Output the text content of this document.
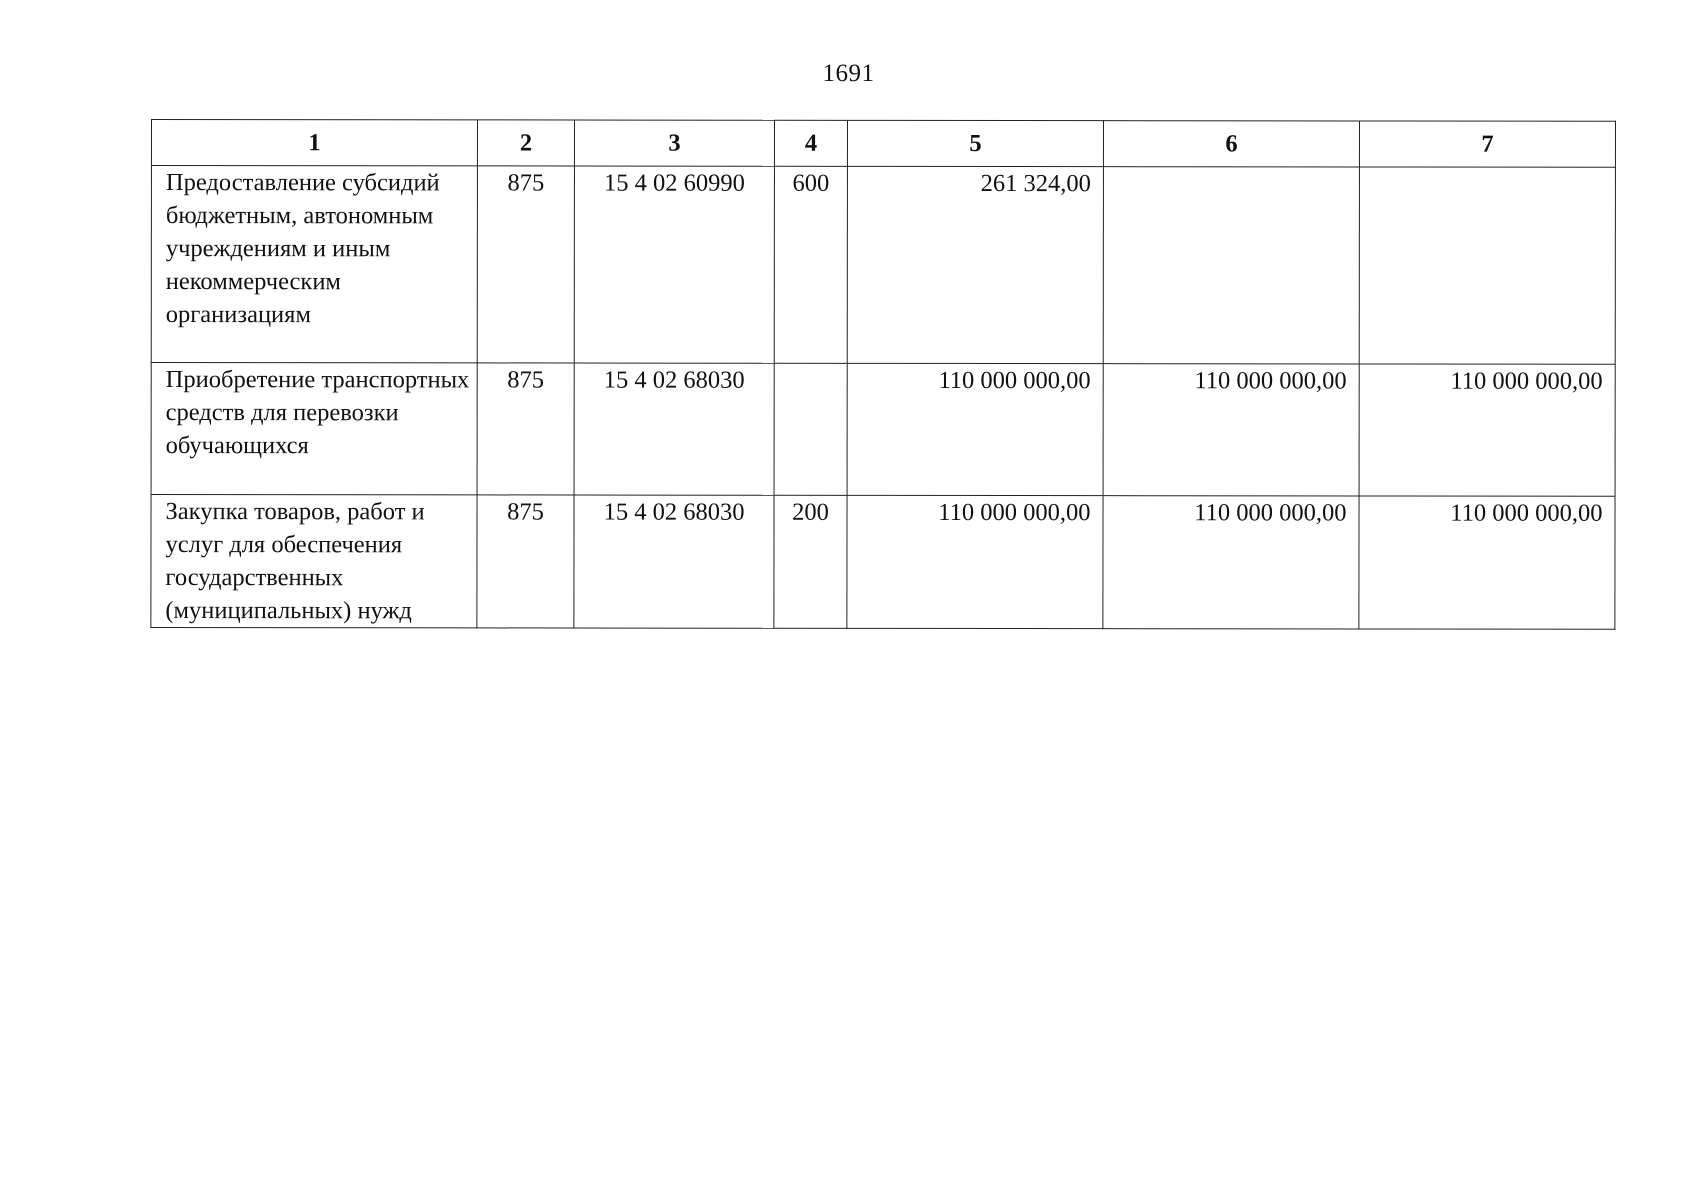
1691
1	2	3	4	5	6	7
Предоставление субсидий бюджетным, автономным учреждениям и иным некоммерческим организациям	875	15 4 02 60990	600	261 324,00		
Приобретение транспортных средств для перевозки обучающихся	875	15 4 02 68030		110 000 000,00	110 000 000,00	110 000 000,00
Закупка товаров, работ и услуг для обеспечения государственных (муниципальных) нужд	875	15 4 02 68030	200	110 000 000,00	110 000 000,00	110 000 000,00
